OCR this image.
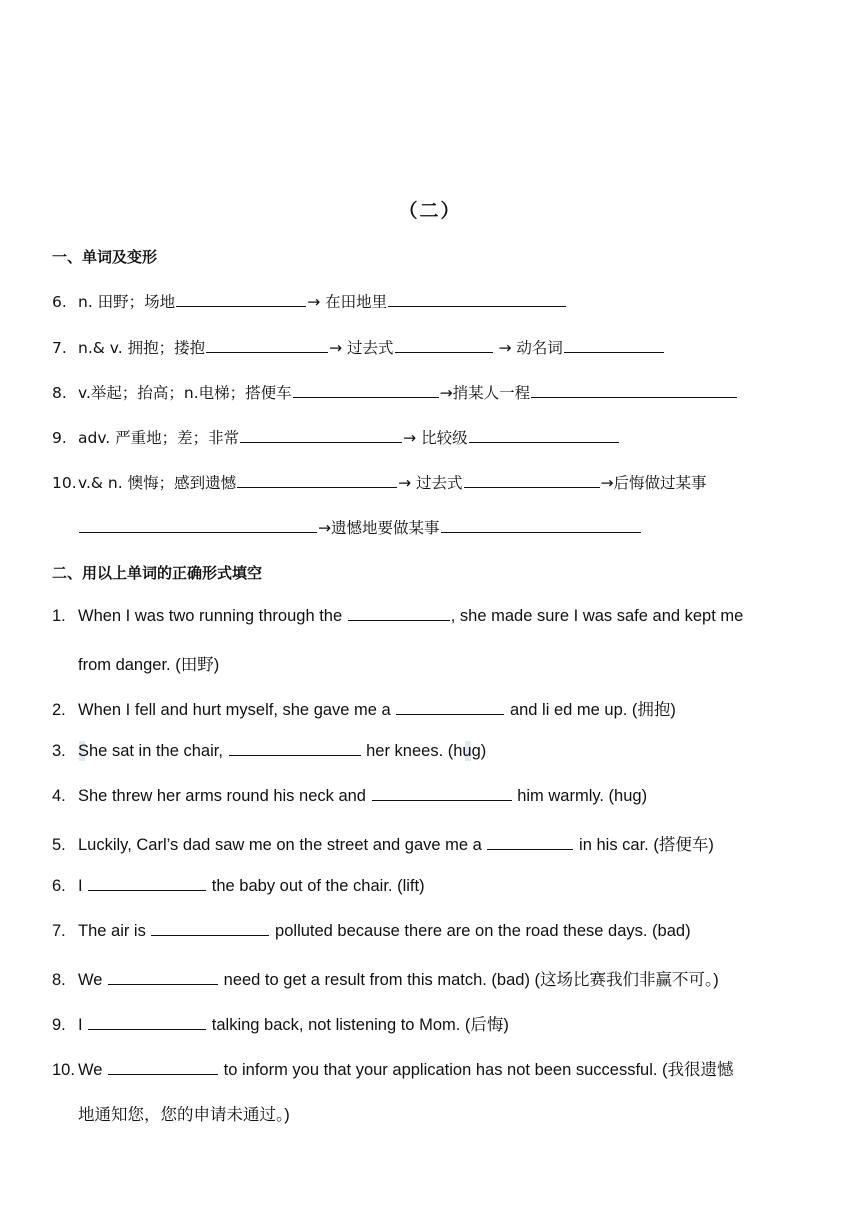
（二）
一、单词及变形
6. n. 田野；场地	→ 在田地里
7. n.& v. 拥抱；搂抱	→ 过去式	→ 动名词
8. v.举起；抬高；n.电梯；搭便车	→捎某人一程
9. adv. 严重地；差；非常	→ 比较级
10.v.& n. 懊悔；感到遗憾	→ 过去式	→后悔做过某事
→遗憾地要做某事
二、用以上单词的正确形式填空
1. When I was two running through the	, she made sure I was safe and kept me
from danger. (田野)
2. When I fell and hurt myself, she gave me a	and li ed me up. (拥抱)
3. She sat in the chair,	her knees. (hug)
4. She threw her arms round his neck and	him warmly. (hug)
5. Luckily, Carl’s dad saw me on the street and gave me a	in his car. (搭便车)
6. I	the baby out of the chair. (lift)
7. The air is	polluted because there are on the road these days. (bad)
8. We	need to get a result from this match. (bad) (这场比赛我们非赢不可。)
9. I	talking back, not listening to Mom. (后悔)
10. We	to inform you that your application has not been successful. (我很遗憾
地通知您，您的申请未通过。)
